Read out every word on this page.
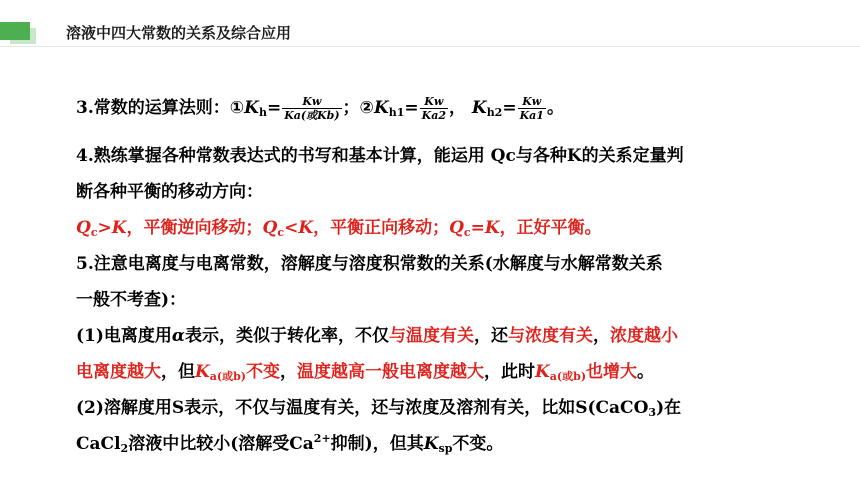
溶液中四大常数的关系及综合应用
3.常数的运算法则：$①K_h= \frac{Kw}{\text{Ka(或Kb)}}$ ；$②K_{h1}= \frac{Kw}{Ka2}$ ， $K_{h2}= \frac{Kw}{Ka1}$ 。
4.熟练掌握各种常数表达式的书写和基本计算，能运用 Qc与各种K的关系定量判
断各种平衡的移动方向：
$Q_c>K$，平衡逆向移动；$Q_c<K$，平衡正向移动；$Q_c=K$，正好平衡。
5.注意电离度与电离常数，溶解度与溶度积常数的关系(水解度与水解常数关系
一般不考查)：
(1)电离度用α表示，类似于转化率，不仅与温度有关，还与浓度有关，浓度越小
电离度越大，但$K_{a(或b)}$不变，温度越高一般电离度越大，此时$K_{a(或b)}$也增大。
(2)溶解度用S表示，不仅与温度有关，还与浓度及溶剂有关，比如S(CaCO$_3$)在
CaCl$_2$溶液中比较小(溶解受$Ca^{2+}$抑制)，但其$K_{sp}$不变。
